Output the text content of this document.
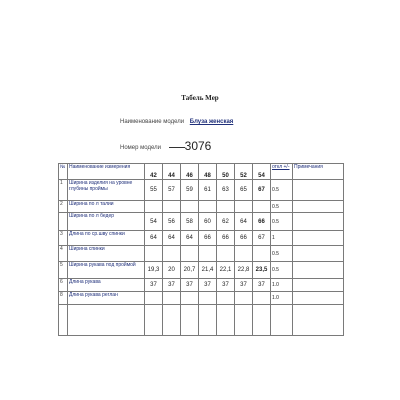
Табель Мер
Наименование модели Блуза женская
Номер модели 3076
№	Наименование измерения	42	44	46	48	50	52	54	откл +/-	Примечания
1	Ширина изделия на уровне глубины проймы	55	57	59	61	63	65	67	0.5	
2	Ширина по л талии								0.5	
	Ширина по л бедер	54	56	58	60	62	64	66	0.5	
3	Длина по ср.шву спинки	64	64	64	66	66	66	67	1	
4	Ширина спинки								0.5	
5	Ширина рукава под проймой	19,3	20	20,7	21,4	22,1	22,8	23,5	0.5	
6	Длина рукава	37	37	37	37	37	37	37	1.0	
8	Длина рукава реглан								1.0	
